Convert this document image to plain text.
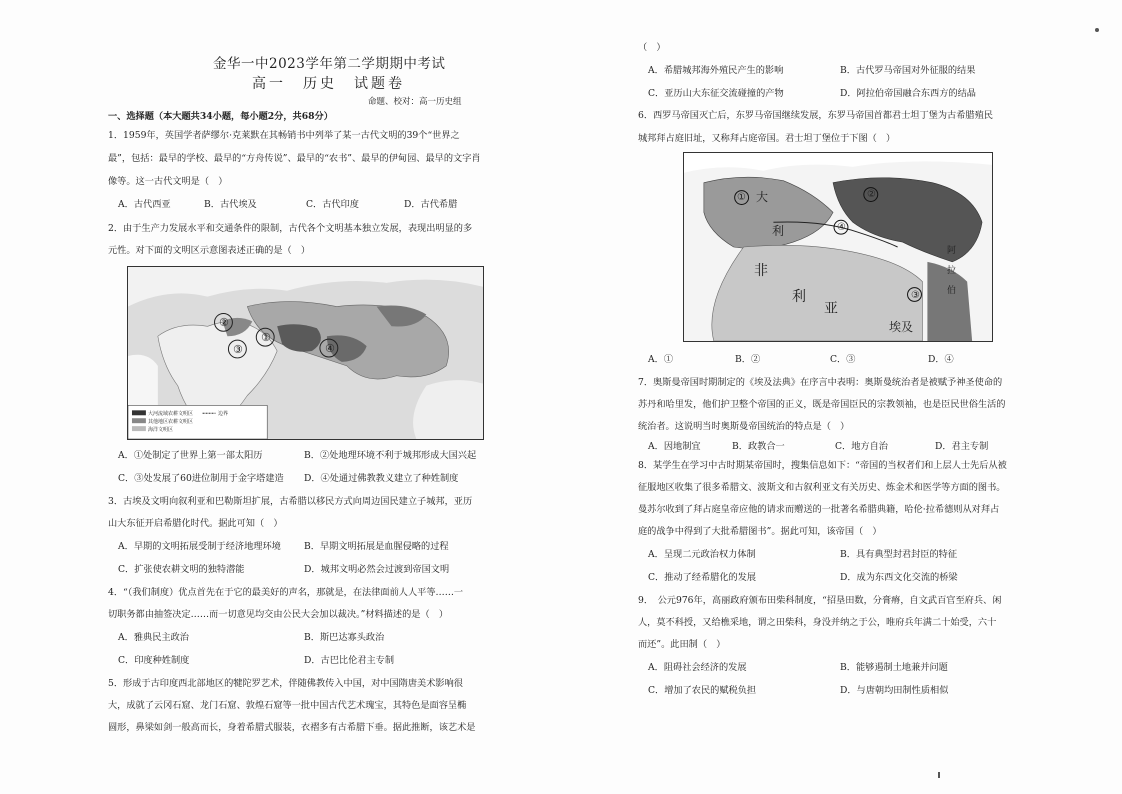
金华一中2023学年第二学期期中考试
高一　历史　试题卷
命题、校对：高一历史组
一、选择题（本大题共34小题，每小题2分，共68分）
1．1959年，英国学者萨缪尔·克莱默在其畅销书中列举了某一古代文明的39个“世界之
最”，包括：最早的学校、最早的“方舟传说”、最早的“农书”、最早的伊甸园、最早的文字肖
像等。这一古代文明是（　）
A．古代西亚	B．古代埃及	C．古代印度	D．古代希腊
2．由于生产力发展水平和交通条件的限制，古代各个文明基本独立发展，表现出明显的多
元性。对下面的文明区示意图表述正确的是（　）
②
①
③	④
大河流域农耕文明区
其他地区农耕文明区
海洋文明区
边界
A．①处制定了世界上第一部太阳历	B．②处地理环境不利于城邦形成大国兴起
C．③处发展了60进位制用于金字塔建造 D．④处通过佛教教义建立了种姓制度
3．古埃及文明向叙利亚和巴勒斯坦扩展，古希腊以移民方式向周边国民建立子城邦，亚历
山大东征开启希腊化时代。据此可知（　）
A．早期的文明拓展受制于经济地理环境	B．早期文明拓展是血腥侵略的过程
C．扩张使农耕文明的独特潜能	D．城邦文明必然会过渡到帝国文明
4．“（我们制度）优点首先在于它的最美好的声名，那就是，在法律面前人人平等……一
切职务都由抽签决定……而一切意见均交由公民大会加以裁决。”材料描述的是（　）
A．雅典民主政治	B．斯巴达寡头政治
C．印度种姓制度	D．古巴比伦君主专制
5．形成于古印度西北部地区的犍陀罗艺术，伴随佛教传入中国，对中国隋唐美术影响很
大，成就了云冈石窟、龙门石窟、敦煌石窟等一批中国古代艺术瑰宝，其特色是面容呈椭
圆形，鼻梁如剑一般高而长，身着希腊式服装，衣褶多有古希腊下垂。据此推断，该艺术是
（　）
A．希腊城邦海外殖民产生的影响	B．古代罗马帝国对外征服的结果
C．亚历山大东征交流碰撞的产物	D．阿拉伯帝国融合东西方的结晶
6．西罗马帝国灭亡后，东罗马帝国继续发展，东罗马帝国首都君士坦丁堡为古希腊殖民
城邦拜占庭旧址，又称拜占庭帝国。君士坦丁堡位于下图（　）
① 大
利
②
④
③
非
利
亚
埃及
阿
拉
伯
A．①	B．②	C．③	D．④
7．奥斯曼帝国时期制定的《埃及法典》在序言中表明：奥斯曼统治者是被赋予神圣使命的
苏丹和哈里发，他们护卫整个帝国的正义，既是帝国臣民的宗教领袖，也是臣民世俗生活的
统治者。这说明当时奥斯曼帝国统治的特点是（　）
A．因地制宜	B．政教合一	C．地方自治	D．君主专制
8．某学生在学习中古时期某帝国时，搜集信息如下：“帝国的当权者们和上层人士先后从被
征服地区收集了很多希腊文、波斯文和古叙利亚文有关历史、炼金术和医学等方面的图书。
曼苏尔收到了拜占庭皇帝应他的请求而赠送的一批著名希腊典籍，哈伦·拉希德则从对拜占
庭的战争中得到了大批希腊图书”。据此可知，该帝国（　）
A．呈现二元政治权力体制	B．具有典型封君封臣的特征
C．推动了经希腊化的发展	D．成为东西文化交流的桥梁
9．　公元976年，高丽政府颁布田柴科制度，“招垦田数，分膏瘠，自文武百官至府兵、闲
人，莫不科授，又给樵采地，谓之田柴科，身没并纳之于公，唯府兵年满二十始受，六十
而还”。此田制（　）
A．阻碍社会经济的发展	B．能够遏制土地兼并问题
C．增加了农民的赋税负担	D．与唐朝均田制性质相似
